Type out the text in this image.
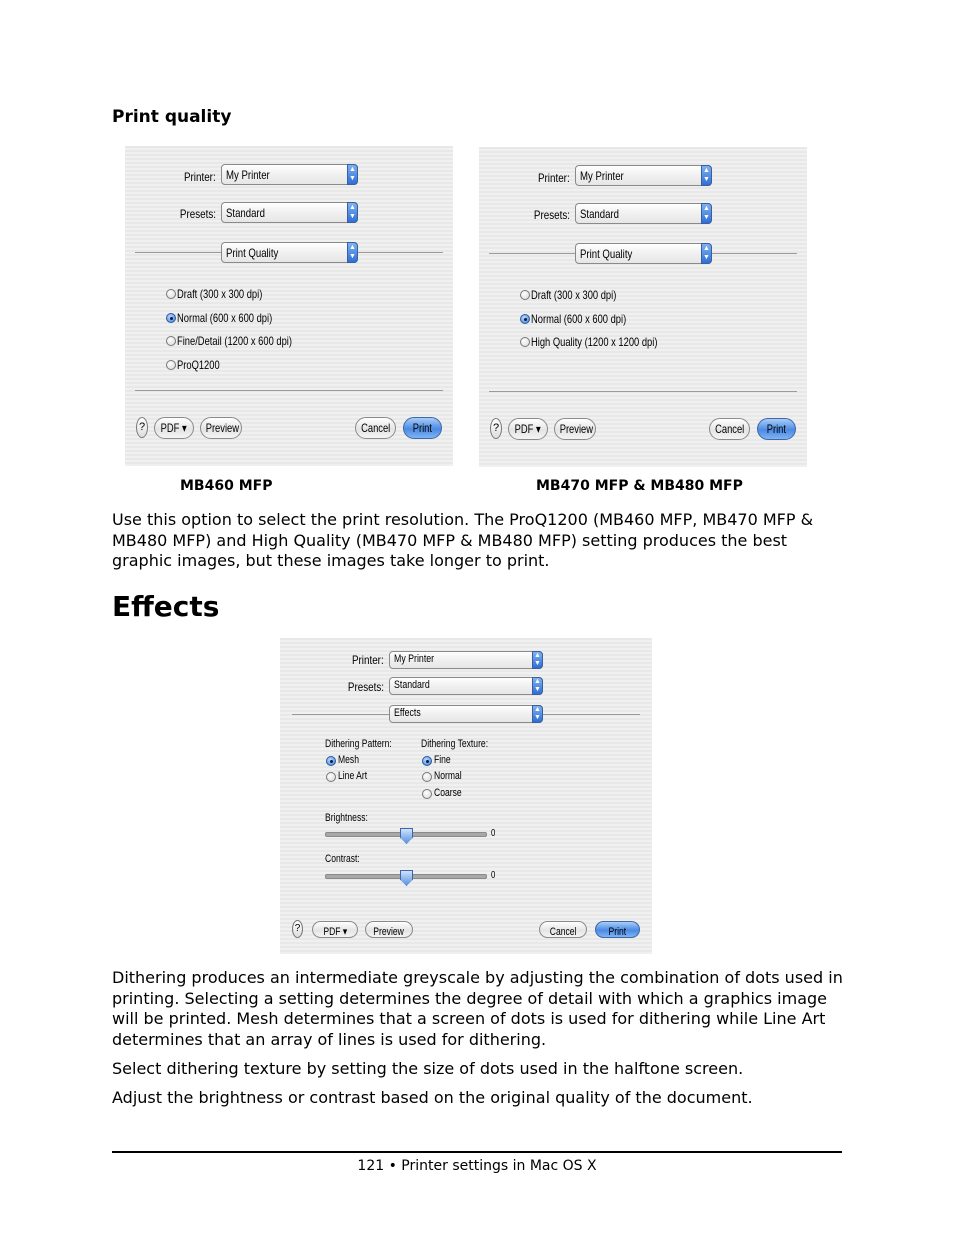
Print quality
Printer: My Printer	▲
▼
Presets: Standard	▲
▼
Print Quality	▲
▼
Draft (300 x 300 dpi)
Normal (600 x 600 dpi)
Fine/Detail (1200 x 600 dpi)
ProQ1200
?	PDF ▾	Preview	Cancel	Print
Printer: My Printer	▲
▼
Presets: Standard	▲
▼
Print Quality	▲
▼
Draft (300 x 300 dpi)
Normal (600 x 600 dpi)
High Quality (1200 x 1200 dpi)
?	PDF ▾	Preview	Cancel	Print
MB460 MFP	MB470 MFP & MB480 MFP
Use this option to select the print resolution. The ProQ1200 (MB460 MFP, MB470 MFP & MB480 MFP) and High Quality (MB470 MFP & MB480 MFP) setting produces the best graphic images, but these images take longer to print.
Effects
Printer: My Printer	▲
▼
Presets: Standard	▲
▼
Effects	▲
▼
Dithering Pattern:
Mesh
Line Art
Dithering Texture:
Fine
Normal
Coarse
Brightness:
0
Contrast:
0
?	PDF ▾	Preview	Cancel	Print
Dithering produces an intermediate greyscale by adjusting the combination of dots used in printing. Selecting a setting determines the degree of detail with which a graphics image will be printed. Mesh determines that a screen of dots is used for dithering while Line Art determines that an array of lines is used for dithering.
Select dithering texture by setting the size of dots used in the halftone screen.
Adjust the brightness or contrast based on the original quality of the document.
121 • Printer settings in Mac OS X
